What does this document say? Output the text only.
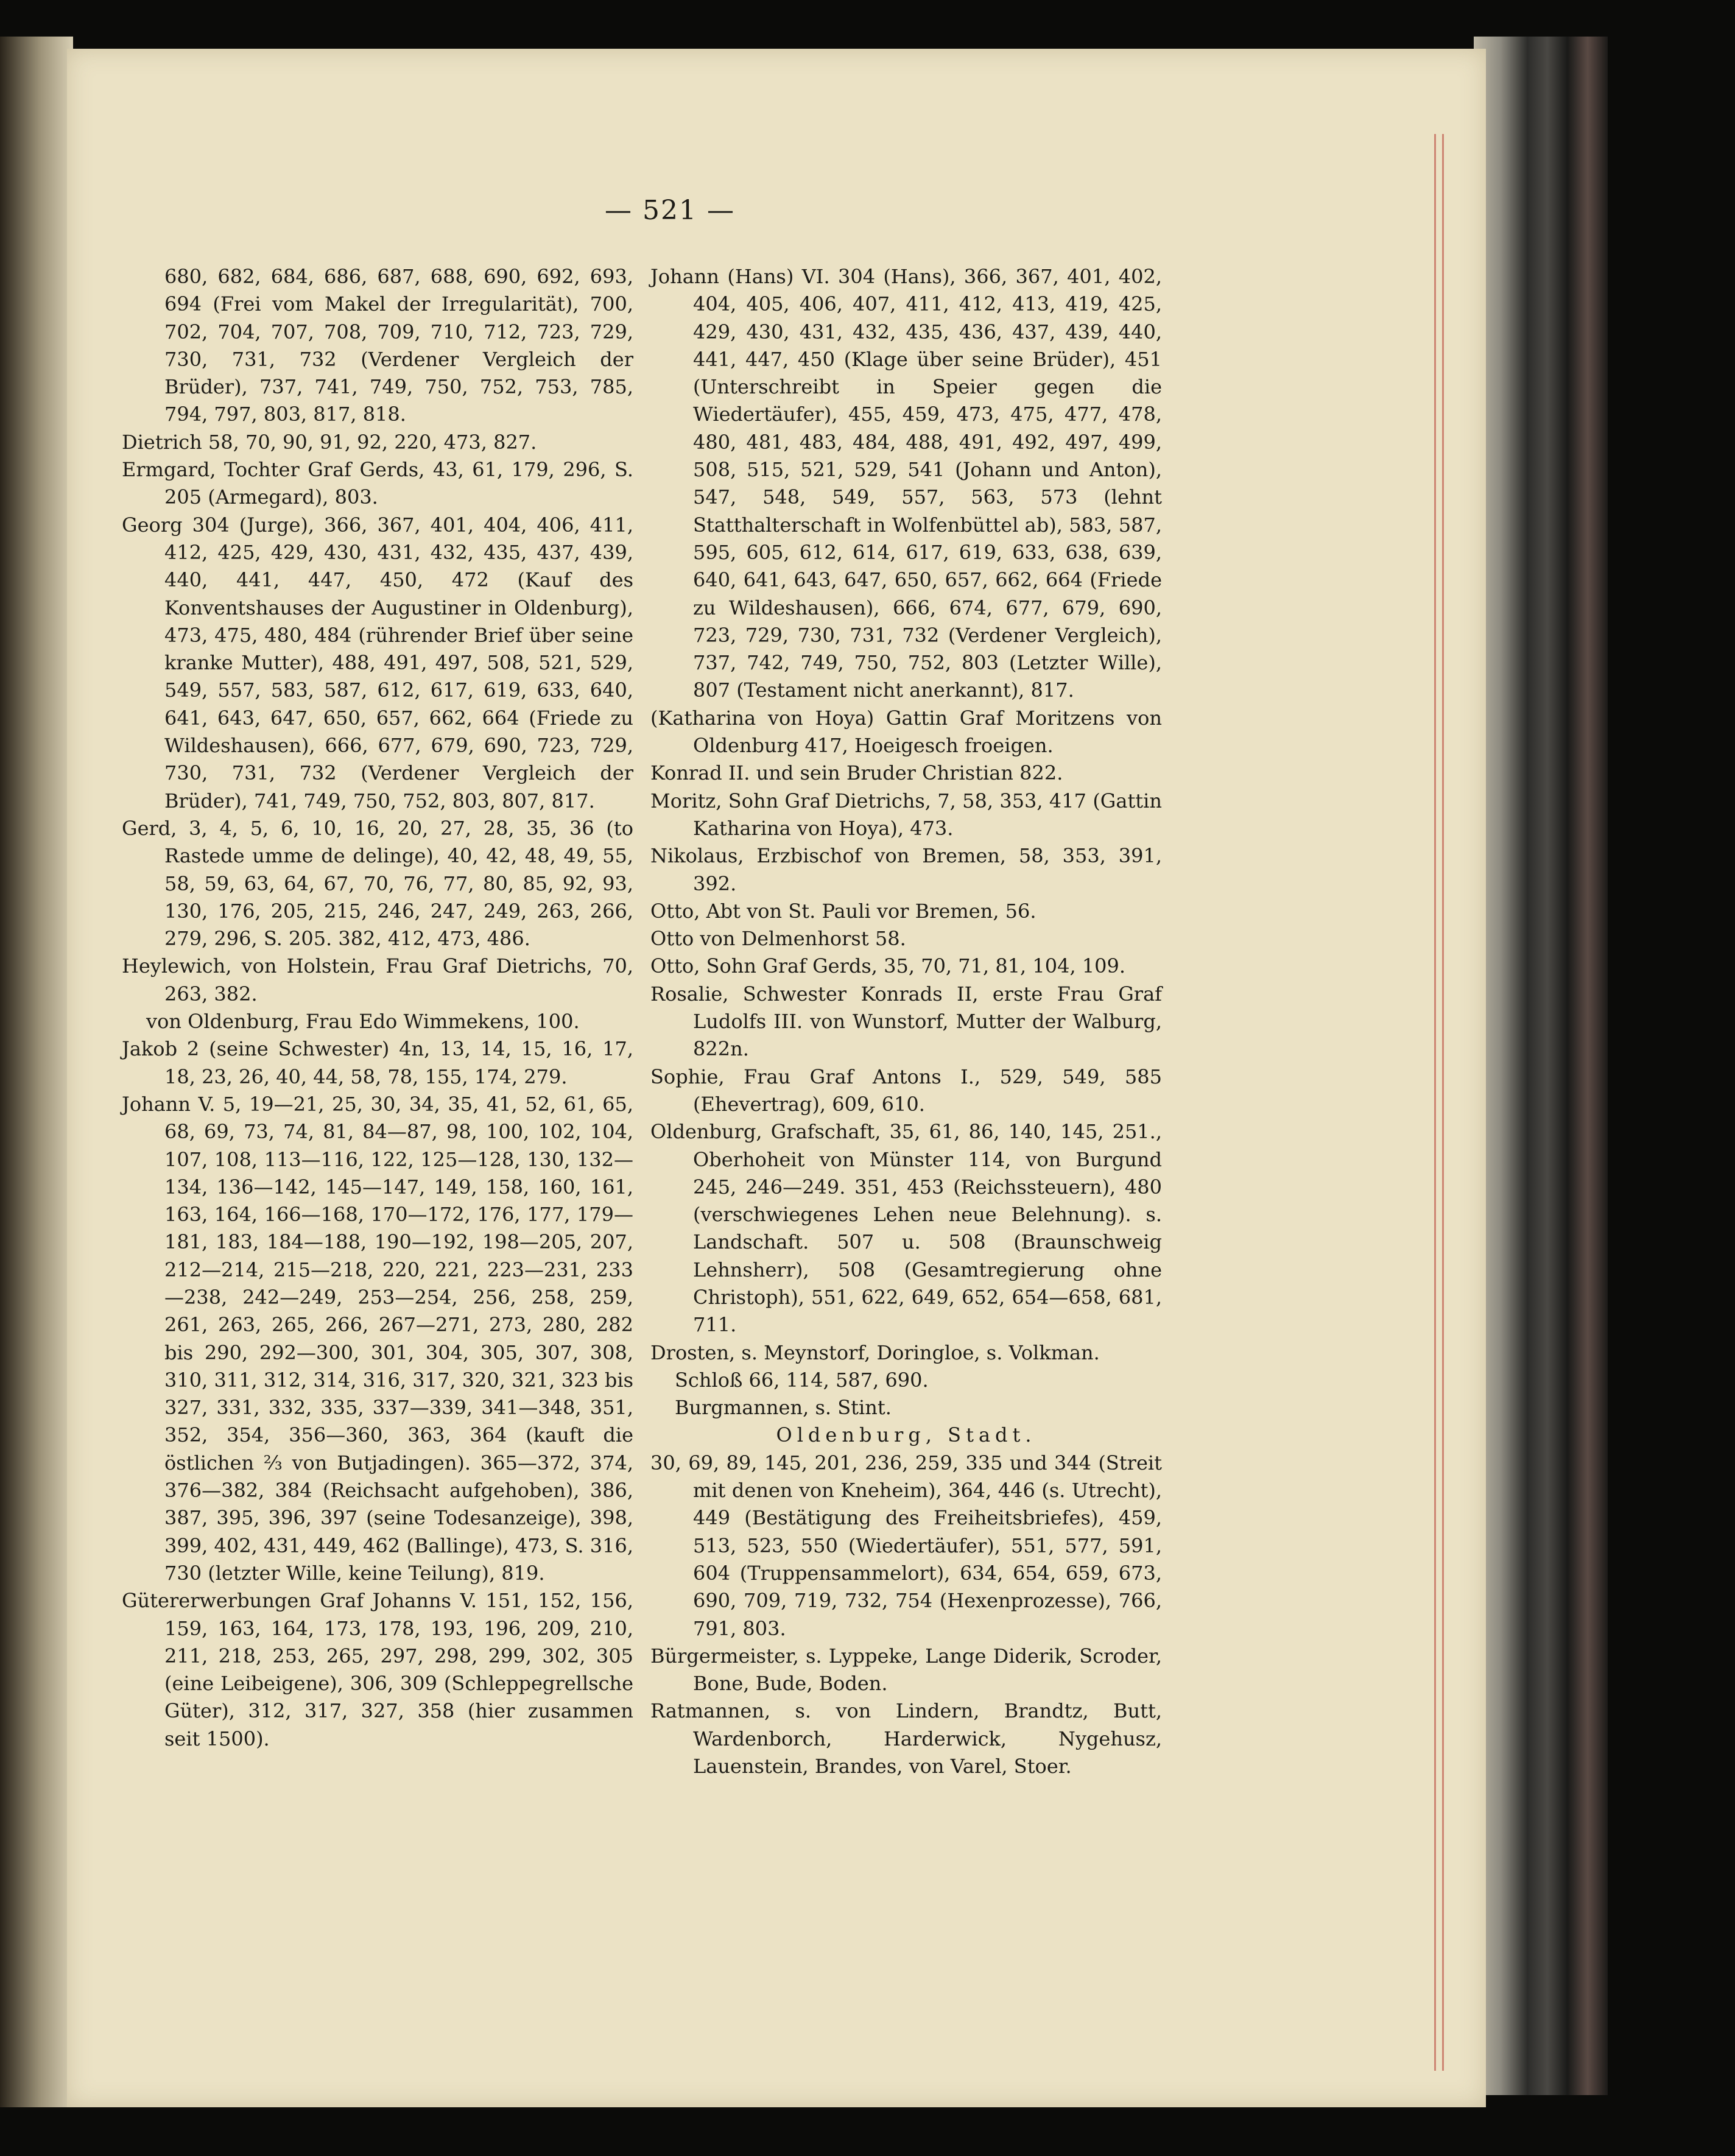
— 521 —

680, 682, 684, 686, 687, 688, 690, 692, 693, 694 (Frei vom Makel der Irregularität), 700, 702, 704, 707, 708, 709, 710, 712, 723, 729, 730, 731, 732 (Verdener Vergleich der Brüder), 737, 741, 749, 750, 752, 753, 785, 794, 797, 803, 817, 818.

Dietrich 58, 70, 90, 91, 92, 220, 473, 827.

Ermgard, Tochter Graf Gerds, 43, 61, 179, 296, S. 205 (Armegard), 803.

Georg 304 (Jurge), 366, 367, 401, 404, 406, 411, 412, 425, 429, 430, 431, 432, 435, 437, 439, 440, 441, 447, 450, 472 (Kauf des Konventshauses der Augustiner in Oldenburg), 473, 475, 480, 484 (rührender Brief über seine kranke Mutter), 488, 491, 497, 508, 521, 529, 549, 557, 583, 587, 612, 617, 619, 633, 640, 641, 643, 647, 650, 657, 662, 664 (Friede zu Wildeshausen), 666, 677, 679, 690, 723, 729, 730, 731, 732 (Verdener Vergleich der Brüder), 741, 749, 750, 752, 803, 807, 817.

Gerd, 3, 4, 5, 6, 10, 16, 20, 27, 28, 35, 36 (to Rastede umme de delinge), 40, 42, 48, 49, 55, 58, 59, 63, 64, 67, 70, 76, 77, 80, 85, 92, 93, 130, 176, 205, 215, 246, 247, 249, 263, 266, 279, 296, S. 205. 382, 412, 473, 486.

Heylewich, von Holstein, Frau Graf Dietrichs, 70, 263, 382.

von Oldenburg, Frau Edo Wimmekens, 100.

Jakob 2 (seine Schwester) 4n, 13, 14, 15, 16, 17, 18, 23, 26, 40, 44, 58, 78, 155, 174, 279.

Johann V. 5, 19—21, 25, 30, 34, 35, 41, 52, 61, 65, 68, 69, 73, 74, 81, 84—87, 98, 100, 102, 104, 107, 108, 113—116, 122, 125—128, 130, 132—134, 136—142, 145—147, 149, 158, 160, 161, 163, 164, 166—168, 170—172, 176, 177, 179—181, 183, 184—188, 190—192, 198—205, 207, 212—214, 215—218, 220, 221, 223—231, 233—238, 242—249, 253—254, 256, 258, 259, 261, 263, 265, 266, 267—271, 273, 280, 282 bis 290, 292—300, 301, 304, 305, 307, 308, 310, 311, 312, 314, 316, 317, 320, 321, 323 bis 327, 331, 332, 335, 337—339, 341—348, 351, 352, 354, 356—360, 363, 364 (kauft die östlichen ⅔ von Butjadingen). 365—372, 374, 376—382, 384 (Reichsacht aufgehoben), 386, 387, 395, 396, 397 (seine Todesanzeige), 398, 399, 402, 431, 449, 462 (Ballinge), 473, S. 316, 730 (letzter Wille, keine Teilung), 819.

Gütererwerbungen Graf Johanns V. 151, 152, 156, 159, 163, 164, 173, 178, 193, 196, 209, 210, 211, 218, 253, 265, 297, 298, 299, 302, 305 (eine Leibeigene), 306, 309 (Schleppegrellsche Güter), 312, 317, 327, 358 (hier zusammen seit 1500).

Johann (Hans) VI. 304 (Hans), 366, 367, 401, 402, 404, 405, 406, 407, 411, 412, 413, 419, 425, 429, 430, 431, 432, 435, 436, 437, 439, 440, 441, 447, 450 (Klage über seine Brüder), 451 (Unterschreibt in Speier gegen die Wiedertäufer), 455, 459, 473, 475, 477, 478, 480, 481, 483, 484, 488, 491, 492, 497, 499, 508, 515, 521, 529, 541 (Johann und Anton), 547, 548, 549, 557, 563, 573 (lehnt Statthalterschaft in Wolfenbüttel ab), 583, 587, 595, 605, 612, 614, 617, 619, 633, 638, 639, 640, 641, 643, 647, 650, 657, 662, 664 (Friede zu Wildeshausen), 666, 674, 677, 679, 690, 723, 729, 730, 731, 732 (Verdener Vergleich), 737, 742, 749, 750, 752, 803 (Letzter Wille), 807 (Testament nicht anerkannt), 817.

(Katharina von Hoya) Gattin Graf Moritzens von Oldenburg 417, Hoeigesch froeigen.

Konrad II. und sein Bruder Christian 822.

Moritz, Sohn Graf Dietrichs, 7, 58, 353, 417 (Gattin Katharina von Hoya), 473.

Nikolaus, Erzbischof von Bremen, 58, 353, 391, 392.

Otto, Abt von St. Pauli vor Bremen, 56.

Otto von Delmenhorst 58.

Otto, Sohn Graf Gerds, 35, 70, 71, 81, 104, 109.

Rosalie, Schwester Konrads II, erste Frau Graf Ludolfs III. von Wunstorf, Mutter der Walburg, 822n.

Sophie, Frau Graf Antons I., 529, 549, 585 (Ehevertrag), 609, 610.

Oldenburg, Grafschaft, 35, 61, 86, 140, 145, 251., Oberhoheit von Münster 114, von Burgund 245, 246—249. 351, 453 (Reichssteuern), 480 (verschwiegenes Lehen neue Belehnung). s. Landschaft. 507 u. 508 (Braunschweig Lehnsherr), 508 (Gesamtregierung ohne Christoph), 551, 622, 649, 652, 654—658, 681, 711.

Drosten, s. Meynstorf, Doringloe, s. Volkman.

Schloß 66, 114, 587, 690.

Burgmannen, s. Stint.

Oldenburg, Stadt.

30, 69, 89, 145, 201, 236, 259, 335 und 344 (Streit mit denen von Kneheim), 364, 446 (s. Utrecht), 449 (Bestätigung des Freiheitsbriefes), 459, 513, 523, 550 (Wiedertäufer), 551, 577, 591, 604 (Truppensammelort), 634, 654, 659, 673, 690, 709, 719, 732, 754 (Hexenprozesse), 766, 791, 803.

Bürgermeister, s. Lyppeke, Lange Diderik, Scroder, Bone, Bude, Boden.

Ratmannen, s. von Lindern, Brandtz, Butt, Wardenborch, Harderwick, Nygehusz, Lauenstein, Brandes, von Varel, Stoer.
